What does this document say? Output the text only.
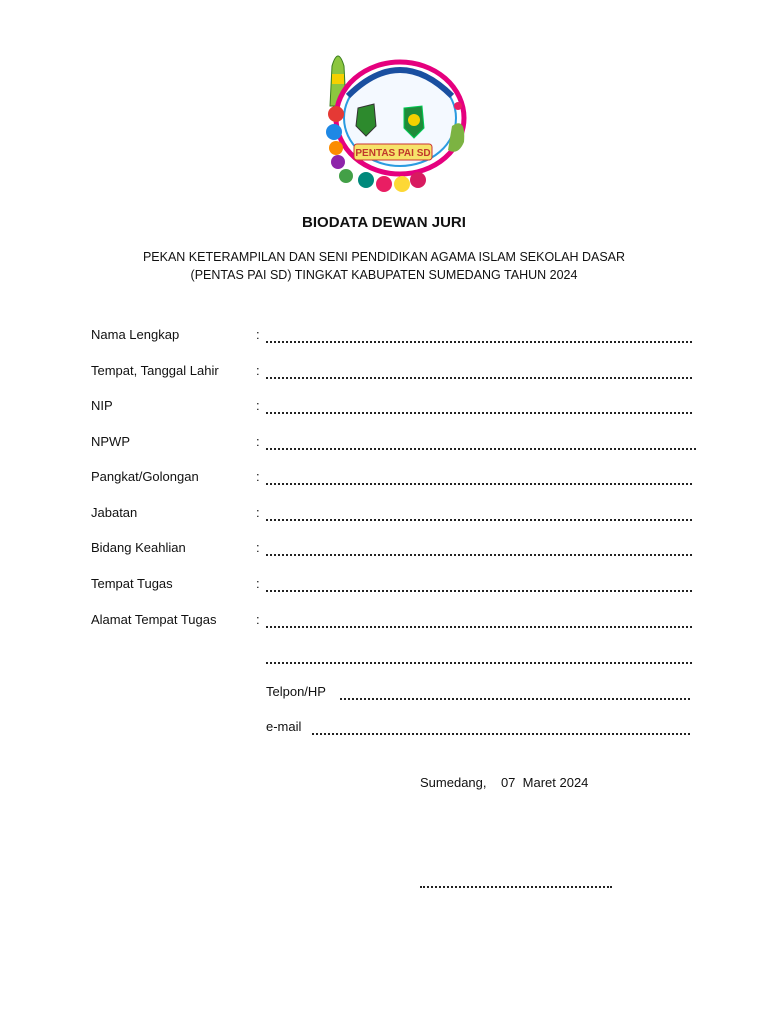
PENTAS PAI SD
BIODATA DEWAN JURI
PEKAN KETERAMPILAN DAN SENI PENDIDIKAN AGAMA ISLAM SEKOLAH DASAR
(PENTAS PAI SD) TINGKAT KABUPATEN SUMEDANG TAHUN 2024
Nama Lengkap	:
Tempat, Tanggal Lahir	:
NIP	:
NPWP	:
Pangkat/Golongan	:
Jabatan	:
Bidang Keahlian	:
Tempat Tugas	:
Alamat Tempat Tugas	:
Telpon/HP
e-mail
Sumedang, 07  Maret 2024
